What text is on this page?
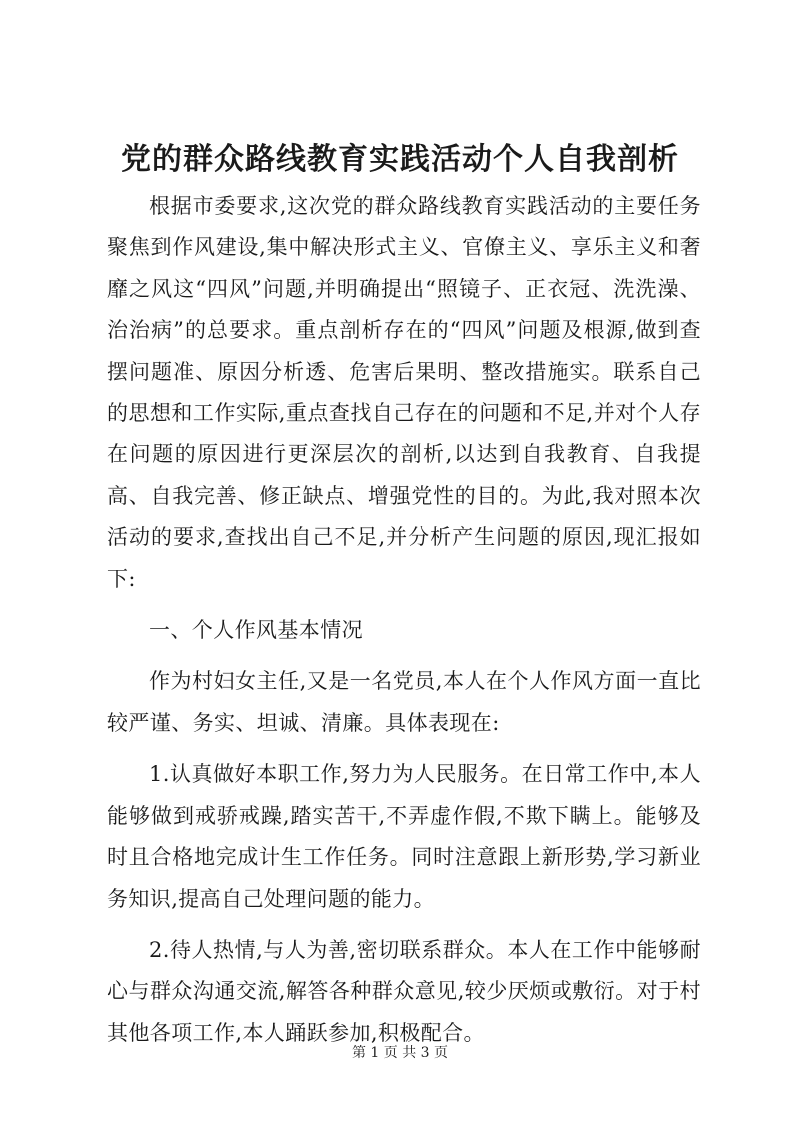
党的群众路线教育实践活动个人自我剖析

根据市委要求,这次党的群众路线教育实践活动的主要任务聚焦到作风建设,集中解决形式主义、官僚主义、享乐主义和奢靡之风这“四风”问题,并明确提出“照镜子、正衣冠、洗洗澡、治治病”的总要求。重点剖析存在的“四风”问题及根源,做到查摆问题准、原因分析透、危害后果明、整改措施实。联系自己的思想和工作实际,重点查找自己存在的问题和不足,并对个人存在问题的原因进行更深层次的剖析,以达到自我教育、自我提高、自我完善、修正缺点、增强党性的目的。为此,我对照本次活动的要求,查找出自己不足,并分析产生问题的原因,现汇报如下:

一、个人作风基本情况

作为村妇女主任,又是一名党员,本人在个人作风方面一直比较严谨、务实、坦诚、清廉。具体表现在:

1.认真做好本职工作,努力为人民服务。在日常工作中,本人能够做到戒骄戒躁,踏实苦干,不弄虚作假,不欺下瞒上。能够及时且合格地完成计生工作任务。同时注意跟上新形势,学习新业务知识,提高自己处理问题的能力。

2.待人热情,与人为善,密切联系群众。本人在工作中能够耐心与群众沟通交流,解答各种群众意见,较少厌烦或敷衍。对于村其他各项工作,本人踊跃参加,积极配合。

第 1 页 共 3 页
